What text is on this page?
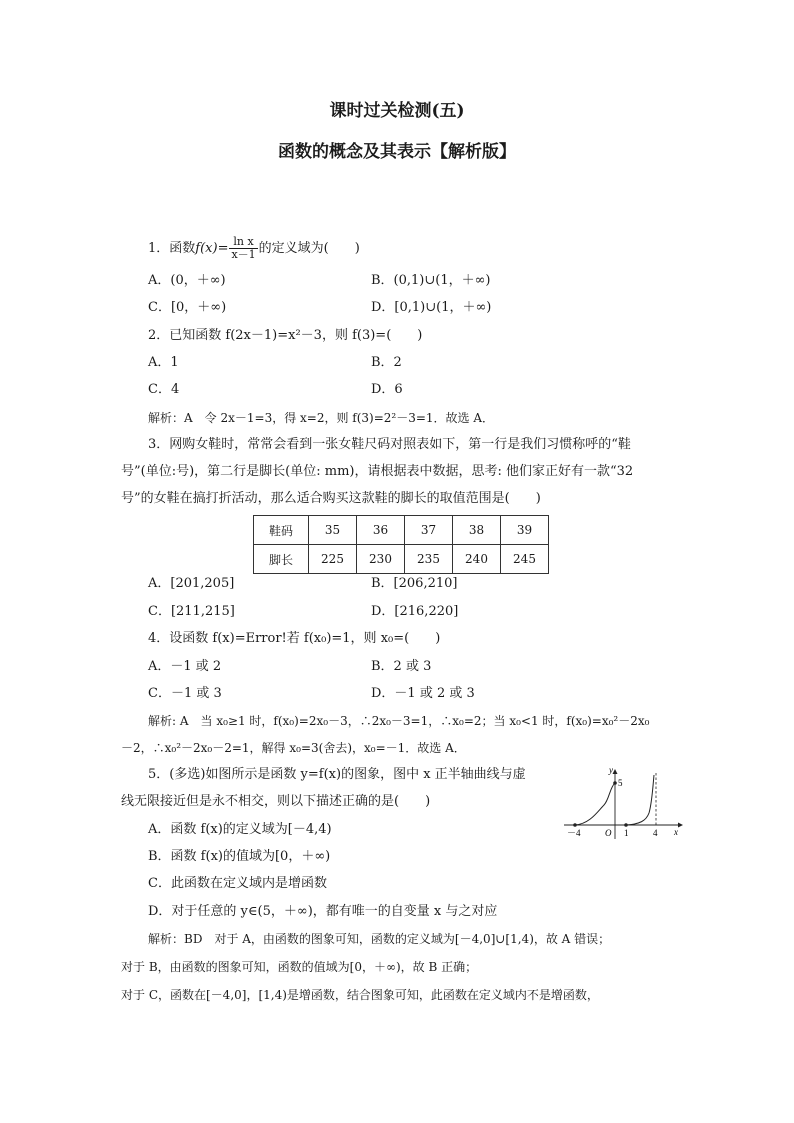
课时过关检测(五)
函数的概念及其表示【解析版】
1．函数$f(x)= \frac{\text{ln x}}{x-1}$ 的定义域为(　　)
A．(0，＋∞)	B．(0,1)∪(1，＋∞)
C．[0，＋∞)	D．[0,1)∪(1，＋∞)
2．已知函数 f(2x－1)=x²－3，则 f(3)=(　　)
A．1	B．2
C．4	D．6
解析：A　令 2x－1=3，得 x=2，则 f(3)=2²－3=1．故选 A．
3．网购女鞋时，常常会看到一张女鞋尺码对照表如下，第一行是我们习惯称呼的“鞋
号”(单位:号)，第二行是脚长(单位: mm)，请根据表中数据，思考: 他们家正好有一款“32
号”的女鞋在搞打折活动，那么适合购买这款鞋的脚长的取值范围是(　　)
鞋码	35	36	37	38	39
脚长	225	230	235	240	245
A．[201,205]	B．[206,210]
C．[211,215]	D．[216,220]
4．设函数 f(x)=Error!若 f(x₀)=1，则 x₀=(　　)
A．－1 或 2	B．2 或 3
C．－1 或 3	D．－1 或 2 或 3
解析: A　当 x₀≥1 时，f(x₀)=2x₀－3，∴2x₀－3=1，∴x₀=2；当 x₀<1 时，f(x₀)=x₀²－2x₀
－2，∴x₀²－2x₀－2=1，解得 x₀=3(舍去)，x₀=－1．故选 A．
5．(多选)如图所示是函数 y=f(x)的图象，图中 x 正半轴曲线与虚
线无限接近但是永不相交，则以下描述正确的是(　　)
A．函数 f(x)的定义域为[－4,4)
B．函数 f(x)的值域为[0，＋∞)
C．此函数在定义域内是增函数
D．对于任意的 y∈(5，＋∞)，都有唯一的自变量 x 与之对应
解析：BD　对于 A，由函数的图象可知，函数的定义域为[－4,0]∪[1,4)，故 A 错误；
对于 B，由函数的图象可知，函数的值域为[0，＋∞)，故 B 正确；
对于 C，函数在[－4,0]，[1,4)是增函数，结合图象可知，此函数在定义域内不是增函数，
y
5
O
－4	1	4 x
